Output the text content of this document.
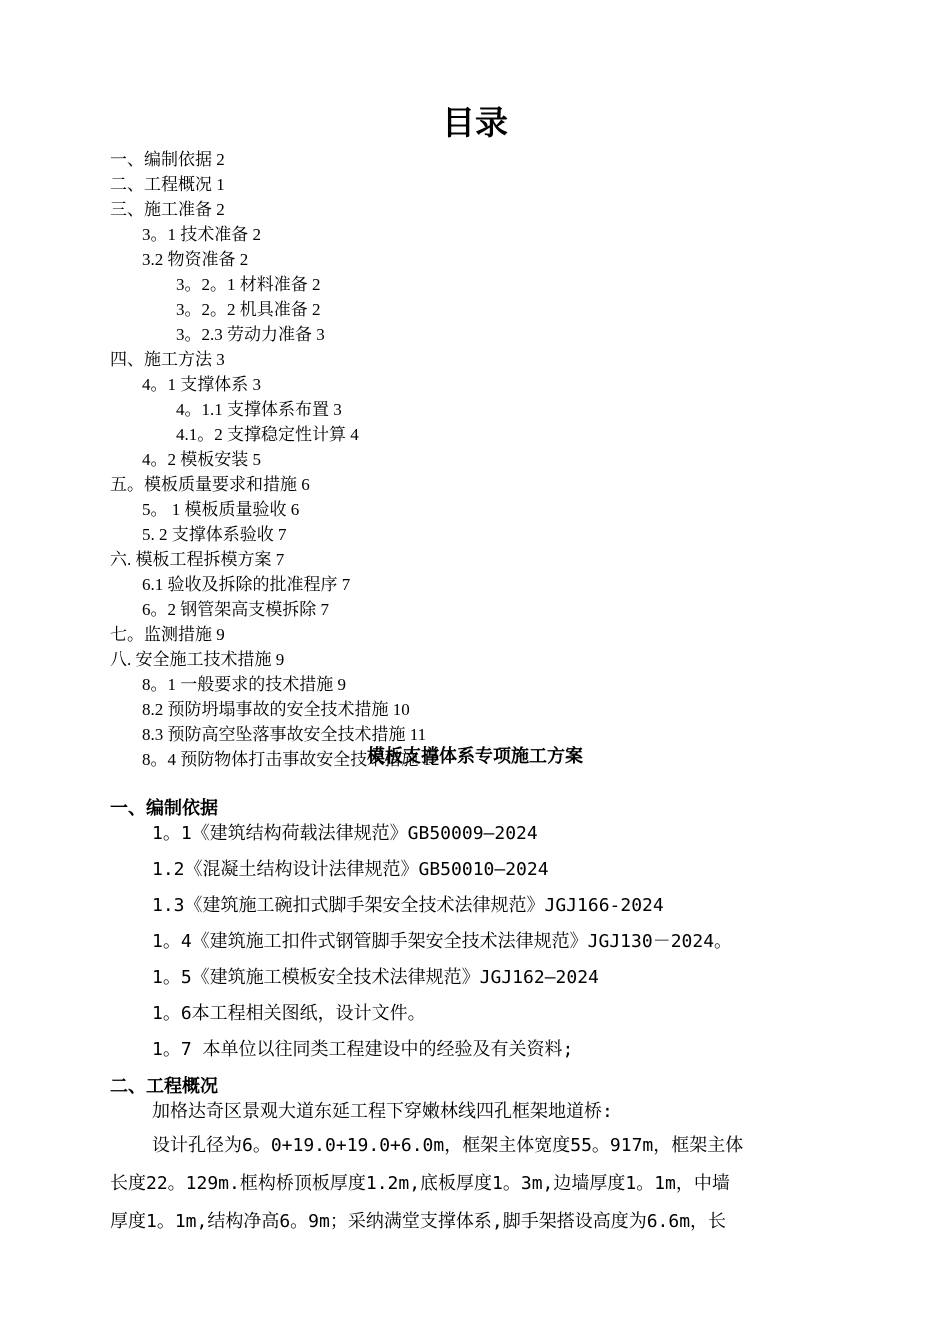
目录
一、编制依据 2
二、工程概况 1
三、施工准备 2
3。1 技术准备 2
3.2 物资准备 2
3。2。1 材料准备 2
3。2。2 机具准备 2
3。2.3 劳动力准备 3
四、施工方法 3
4。1 支撑体系 3
4。1.1 支撑体系布置 3
4.1。2 支撑稳定性计算 4
4。2 模板安装 5
五。模板质量要求和措施 6
5。 1 模板质量验收 6
5. 2 支撑体系验收 7
六. 模板工程拆模方案 7
6.1 验收及拆除的批准程序 7
6。2 钢管架高支模拆除 7
七。监测措施 9
八. 安全施工技术措施 9
8。1 一般要求的技术措施 9
8.2 预防坍塌事故的安全技术措施 10
8.3 预防高空坠落事故安全技术措施 11
8。4 预防物体打击事故安全技术措施 12
模板支撑体系专项施工方案
一、编制依据
1。1《建筑结构荷载法律规范》GB50009—2024
1.2《混凝土结构设计法律规范》GB50010—2024
1.3《建筑施工碗扣式脚手架安全技术法律规范》JGJ166-2024
1。4《建筑施工扣件式钢管脚手架安全技术法律规范》JGJ130－2024。
1。5《建筑施工模板安全技术法律规范》JGJ162—2024
1。6本工程相关图纸，设计文件。
1。7 本单位以往同类工程建设中的经验及有关资料;
二、工程概况
加格达奇区景观大道东延工程下穿嫩林线四孔框架地道桥:
设计孔径为6。0+19.0+19.0+6.0m，框架主体宽度55。917m，框架主体
长度22。129m.框构桥顶板厚度1.2m,底板厚度1。3m,边墙厚度1。1m，中墙
厚度1。1m,结构净高6。9m；采纳满堂支撑体系,脚手架搭设高度为6.6m，长
